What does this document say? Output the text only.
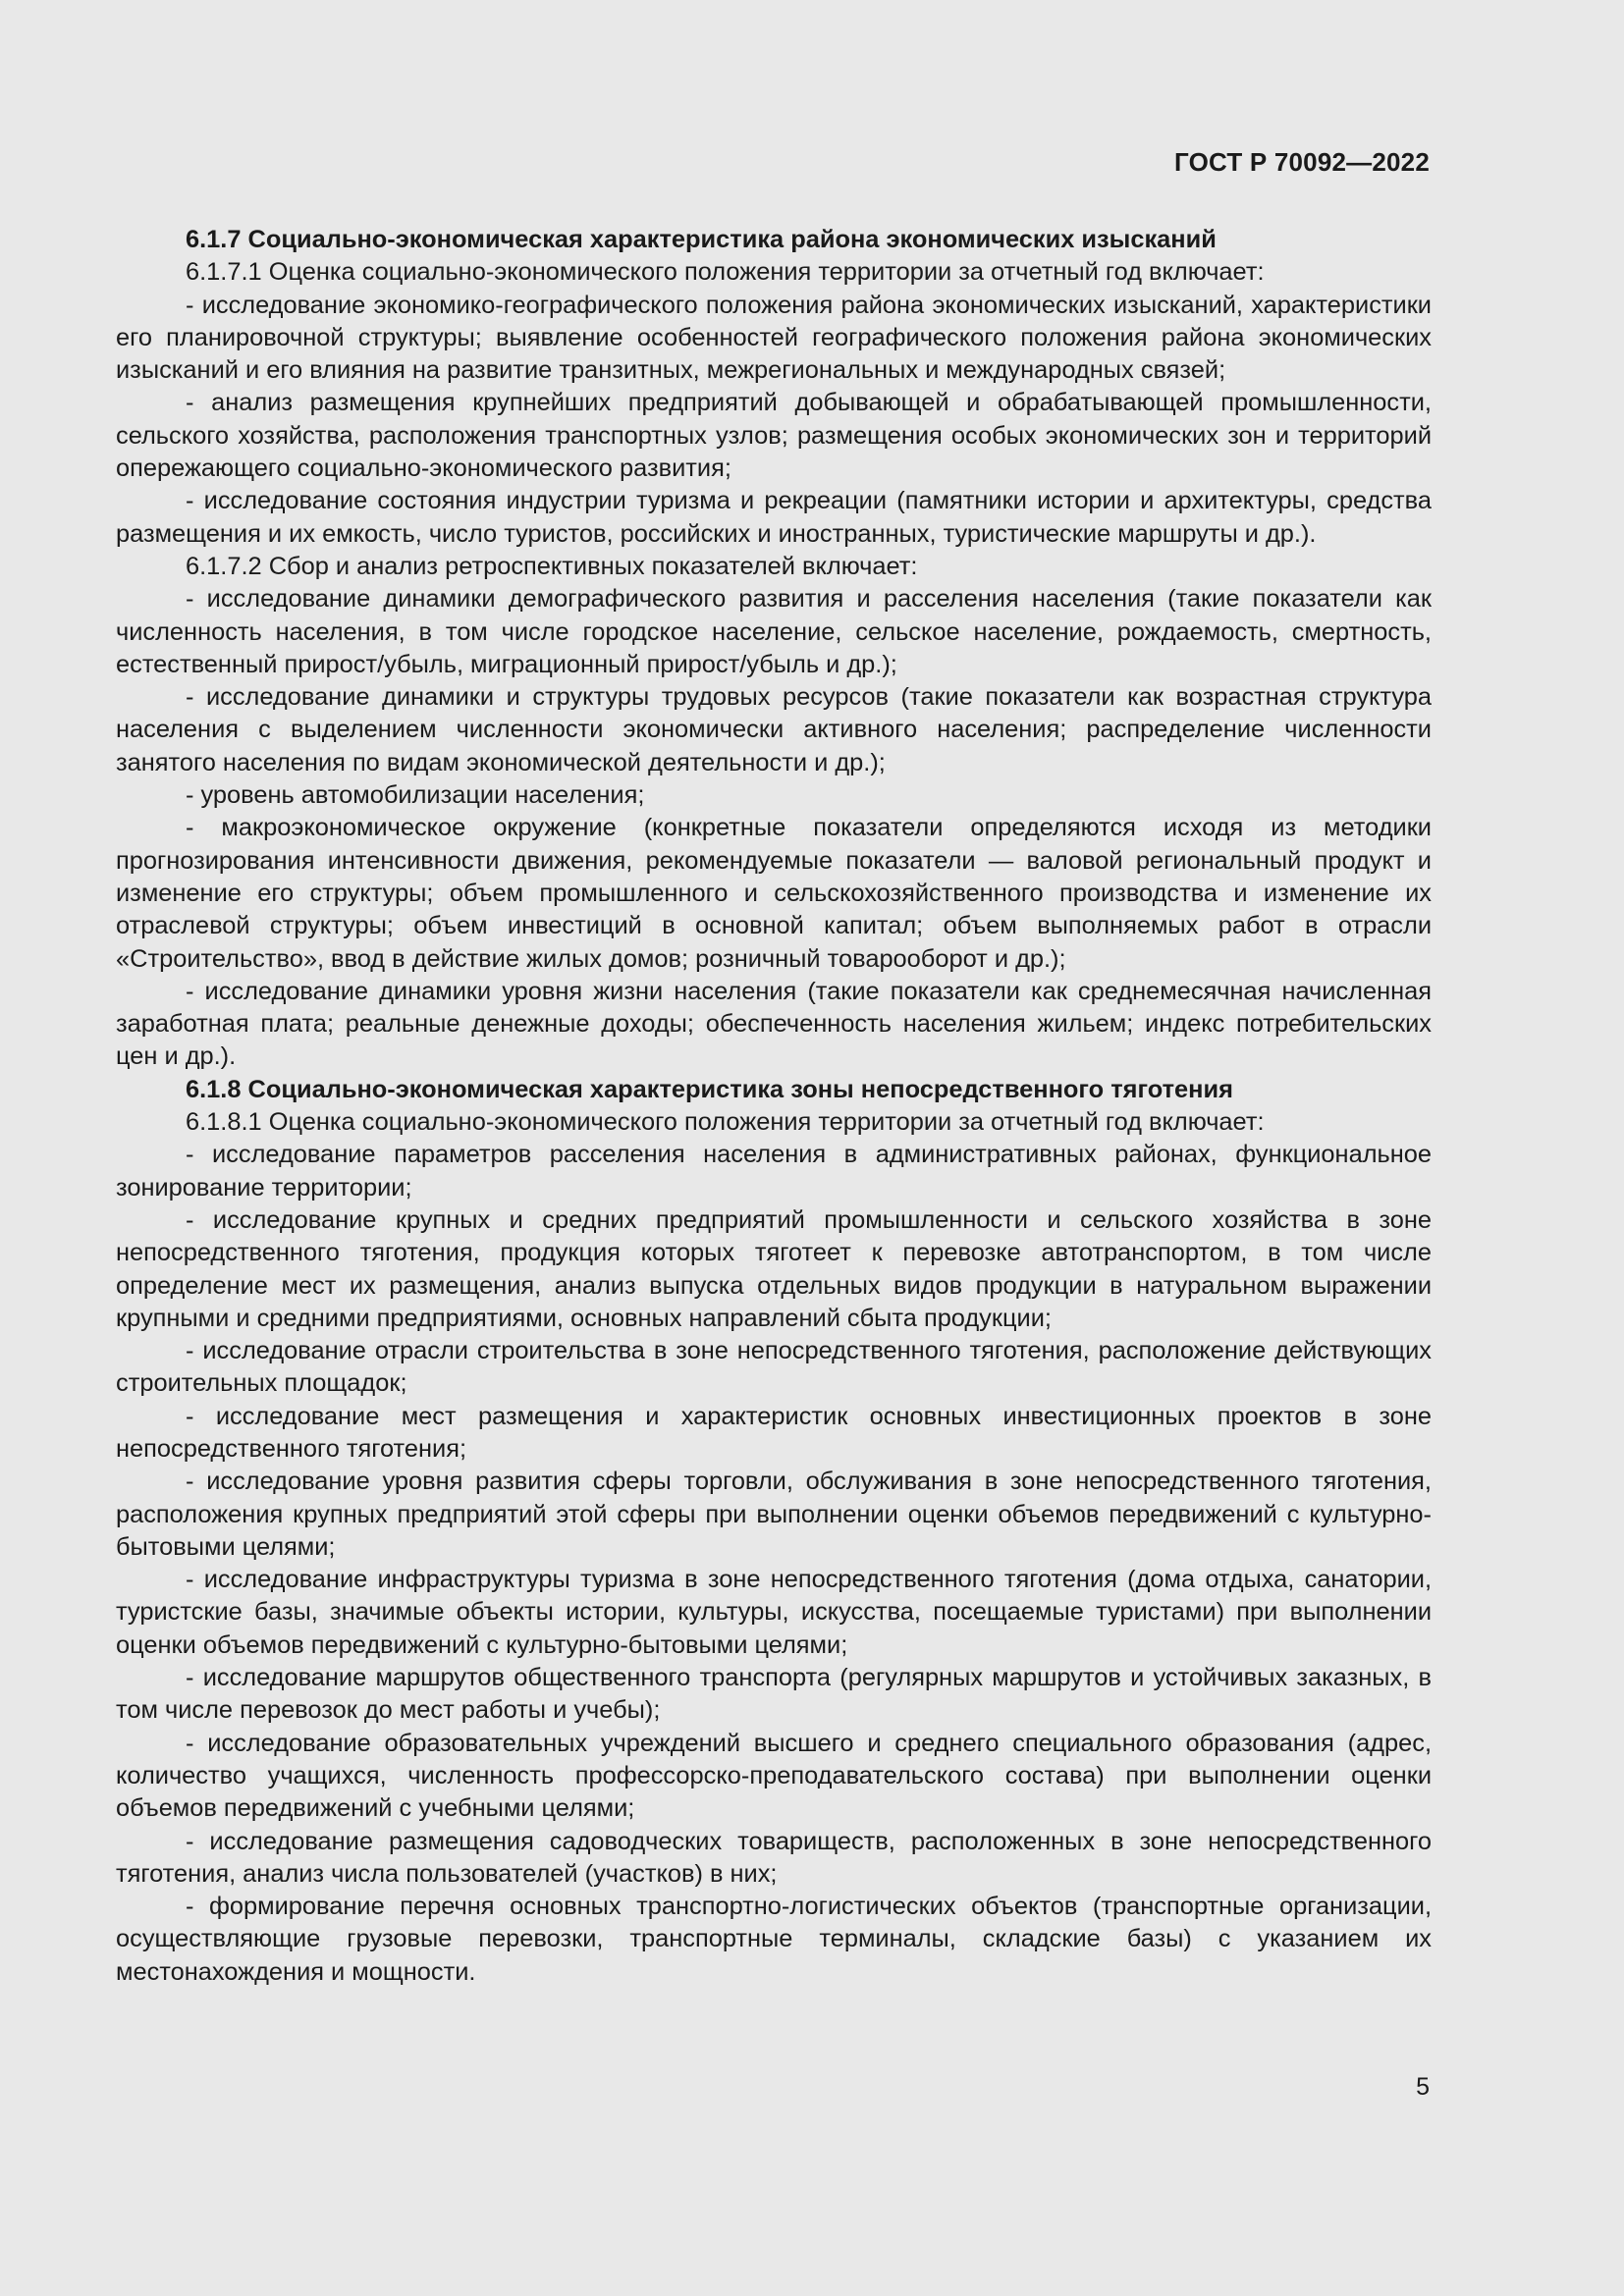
ГОСТ Р 70092—2022

6.1.7 Социально-экономическая характеристика района экономических изысканий

6.1.7.1 Оценка социально-экономического положения территории за отчетный год включает:

- исследование экономико-географического положения района экономических изысканий, характеристики его планировочной структуры; выявление особенностей географического положения района экономических изысканий и его влияния на развитие транзитных, межрегиональных и международных связей;

- анализ размещения крупнейших предприятий добывающей и обрабатывающей промышленности, сельского хозяйства, расположения транспортных узлов; размещения особых экономических зон и территорий опережающего социально-экономического развития;

- исследование состояния индустрии туризма и рекреации (памятники истории и архитектуры, средства размещения и их емкость, число туристов, российских и иностранных, туристические маршруты и др.).

6.1.7.2 Сбор и анализ ретроспективных показателей включает:

- исследование динамики демографического развития и расселения населения (такие показатели как численность населения, в том числе городское население, сельское население, рождаемость, смертность, естественный прирост/убыль, миграционный прирост/убыль и др.);

- исследование динамики и структуры трудовых ресурсов (такие показатели как возрастная структура населения с выделением численности экономически активного населения; распределение численности занятого населения по видам экономической деятельности и др.);

- уровень автомобилизации населения;

- макроэкономическое окружение (конкретные показатели определяются исходя из методики прогнозирования интенсивности движения, рекомендуемые показатели — валовой региональный продукт и изменение его структуры; объем промышленного и сельскохозяйственного производства и изменение их отраслевой структуры; объем инвестиций в основной капитал; объем выполняемых работ в отрасли «Строительство», ввод в действие жилых домов; розничный товарооборот и др.);

- исследование динамики уровня жизни населения (такие показатели как среднемесячная начисленная заработная плата; реальные денежные доходы; обеспеченность населения жильем; индекс потребительских цен и др.).

6.1.8 Социально-экономическая характеристика зоны непосредственного тяготения

6.1.8.1 Оценка социально-экономического положения территории за отчетный год включает:

- исследование параметров расселения населения в административных районах, функциональное зонирование территории;

- исследование крупных и средних предприятий промышленности и сельского хозяйства в зоне непосредственного тяготения, продукция которых тяготеет к перевозке автотранспортом, в том числе определение мест их размещения, анализ выпуска отдельных видов продукции в натуральном выражении крупными и средними предприятиями, основных направлений сбыта продукции;

- исследование отрасли строительства в зоне непосредственного тяготения, расположение действующих строительных площадок;

- исследование мест размещения и характеристик основных инвестиционных проектов в зоне непосредственного тяготения;

- исследование уровня развития сферы торговли, обслуживания в зоне непосредственного тяготения, расположения крупных предприятий этой сферы при выполнении оценки объемов передвижений с культурно-бытовыми целями;

- исследование инфраструктуры туризма в зоне непосредственного тяготения (дома отдыха, санатории, туристские базы, значимые объекты истории, культуры, искусства, посещаемые туристами) при выполнении оценки объемов передвижений с культурно-бытовыми целями;

- исследование маршрутов общественного транспорта (регулярных маршрутов и устойчивых заказных, в том числе перевозок до мест работы и учебы);

- исследование образовательных учреждений высшего и среднего специального образования (адрес, количество учащихся, численность профессорско-преподавательского состава) при выполнении оценки объемов передвижений с учебными целями;

- исследование размещения садоводческих товариществ, расположенных в зоне непосредственного тяготения, анализ числа пользователей (участков) в них;

- формирование перечня основных транспортно-логистических объектов (транспортные организации, осуществляющие грузовые перевозки, транспортные терминалы, складские базы) с указанием их местонахождения и мощности.

5
